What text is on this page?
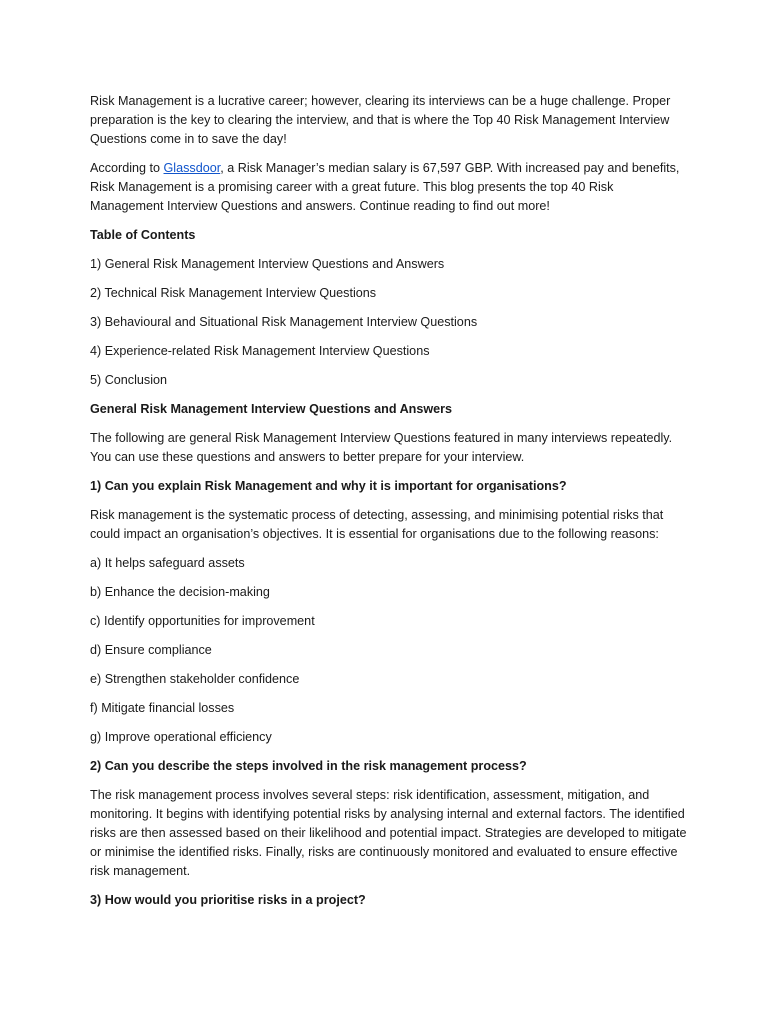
Risk Management is a lucrative career; however, clearing its interviews can be a huge challenge. Proper preparation is the key to clearing the interview, and that is where the Top 40 Risk Management Interview Questions come in to save the day!

According to Glassdoor, a Risk Manager’s median salary is 67,597 GBP. With increased pay and benefits, Risk Management is a promising career with a great future. This blog presents the top 40 Risk Management Interview Questions and answers. Continue reading to find out more!

Table of Contents

1) General Risk Management Interview Questions and Answers

2) Technical Risk Management Interview Questions

3) Behavioural and Situational Risk Management Interview Questions

4) Experience-related Risk Management Interview Questions

5) Conclusion

General Risk Management Interview Questions and Answers

The following are general Risk Management Interview Questions featured in many interviews repeatedly. You can use these questions and answers to better prepare for your interview.

1) Can you explain Risk Management and why it is important for organisations?

Risk management is the systematic process of detecting, assessing, and minimising potential risks that could impact an organisation’s objectives. It is essential for organisations due to the following reasons:

a) It helps safeguard assets

b) Enhance the decision-making

c) Identify opportunities for improvement

d) Ensure compliance

e) Strengthen stakeholder confidence

f) Mitigate financial losses

g) Improve operational efficiency

2) Can you describe the steps involved in the risk management process?

The risk management process involves several steps: risk identification, assessment, mitigation, and monitoring. It begins with identifying potential risks by analysing internal and external factors. The identified risks are then assessed based on their likelihood and potential impact. Strategies are developed to mitigate or minimise the identified risks. Finally, risks are continuously monitored and evaluated to ensure effective risk management.

3) How would you prioritise risks in a project?
